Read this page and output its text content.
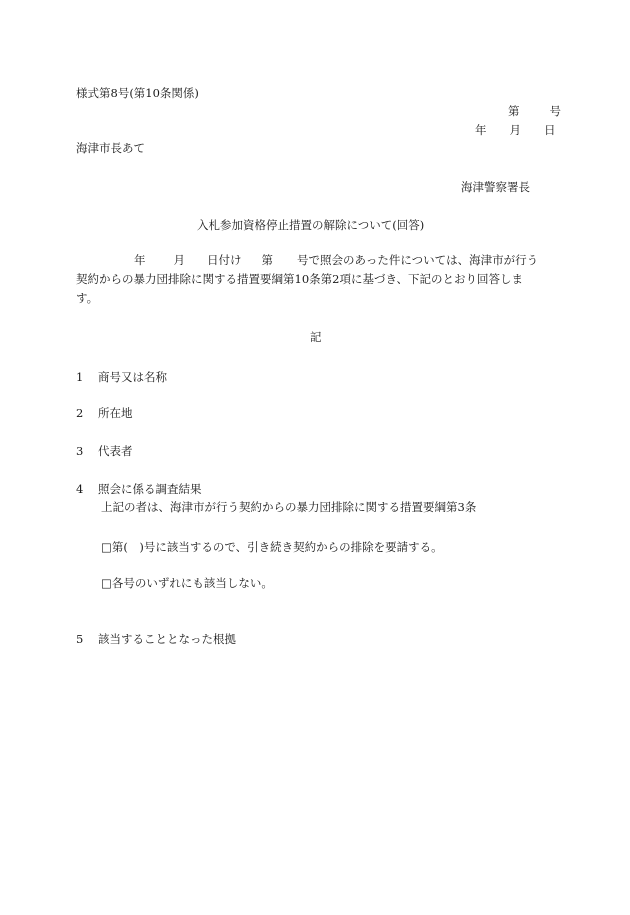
様式第8号(第10条関係)
第	号
年 月 日
海津市長あて
海津警察署長
入札参加資格停止措置の解除について(回答)
年 月 日付け 第 号で照会のあった件については、海津市が行う
契約からの暴力団排除に関する措置要綱第10条第2項に基づき、下記のとおり回答しま
す。
記
1 商号又は名称
2 所在地
3 代表者
4 照会に係る調査結果
上記の者は、海津市が行う契約からの暴力団排除に関する措置要綱第3条
□第(　)号に該当するので、引き続き契約からの排除を要請する。
□各号のいずれにも該当しない。
5 該当することとなった根拠
